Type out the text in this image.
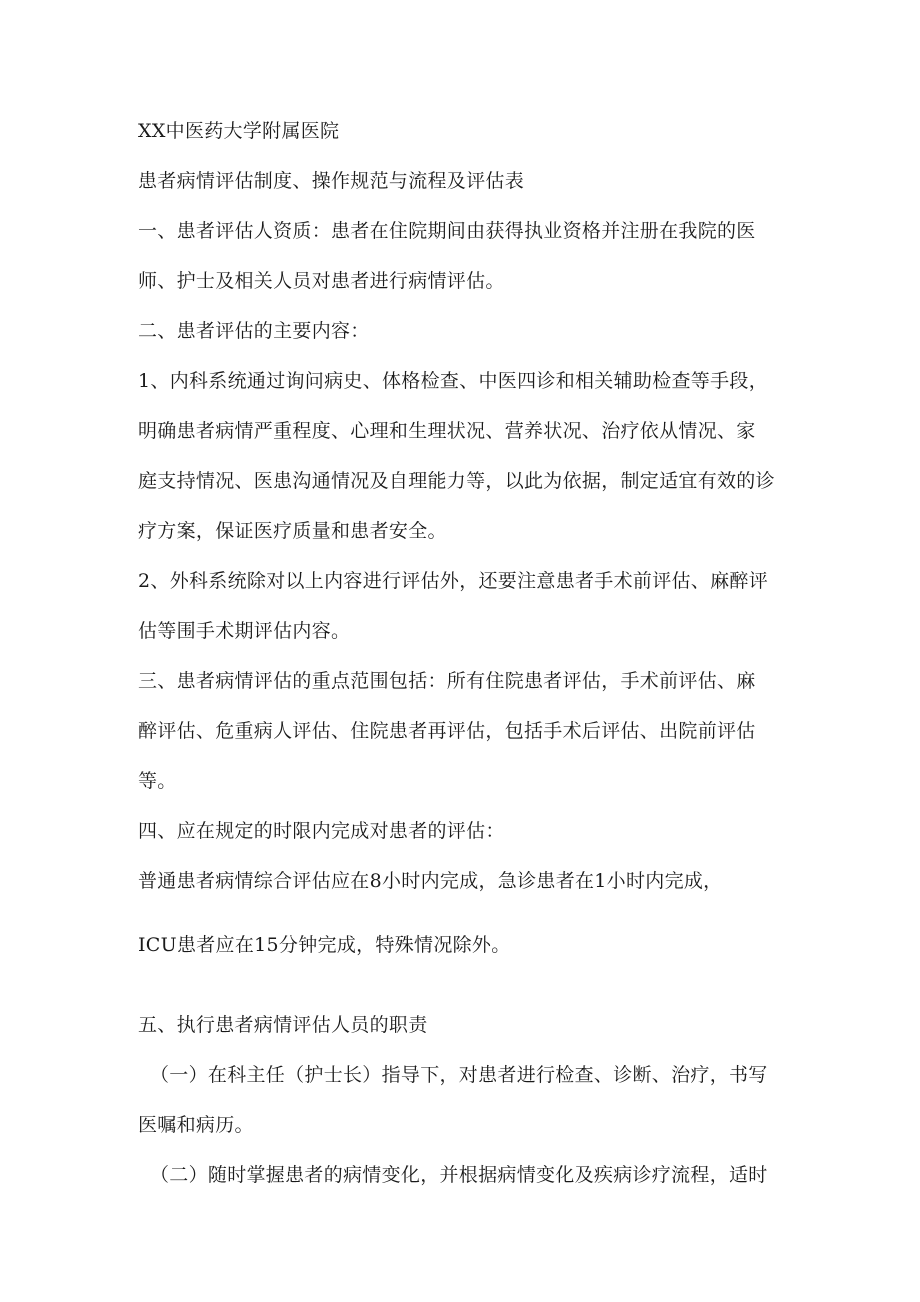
XX中医药大学附属医院

患者病情评估制度、操作规范与流程及评估表

一、患者评估人资质：患者在住院期间由获得执业资格并注册在我院的医

师、护士及相关人员对患者进行病情评估。

二、患者评估的主要内容：

1、内科系统通过询问病史、体格检查、中医四诊和相关辅助检查等手段，

明确患者病情严重程度、心理和生理状况、营养状况、治疗依从情况、家

庭支持情况、医患沟通情况及自理能力等，以此为依据，制定适宜有效的诊

疗方案，保证医疗质量和患者安全。

2、外科系统除对以上内容进行评估外，还要注意患者手术前评估、麻醉评

估等围手术期评估内容。

三、患者病情评估的重点范围包括：所有住院患者评估，手术前评估、麻

醉评估、危重病人评估、住院患者再评估，包括手术后评估、出院前评估

等。

四、应在规定的时限内完成对患者的评估：

普通患者病情综合评估应在8小时内完成，急诊患者在1小时内完成，

ICU患者应在15分钟完成，特殊情况除外。

五、执行患者病情评估人员的职责

（一）在科主任（护士长）指导下，对患者进行检查、诊断、治疗，书写

医嘱和病历。

（二）随时掌握患者的病情变化，并根据病情变化及疾病诊疗流程，适时
